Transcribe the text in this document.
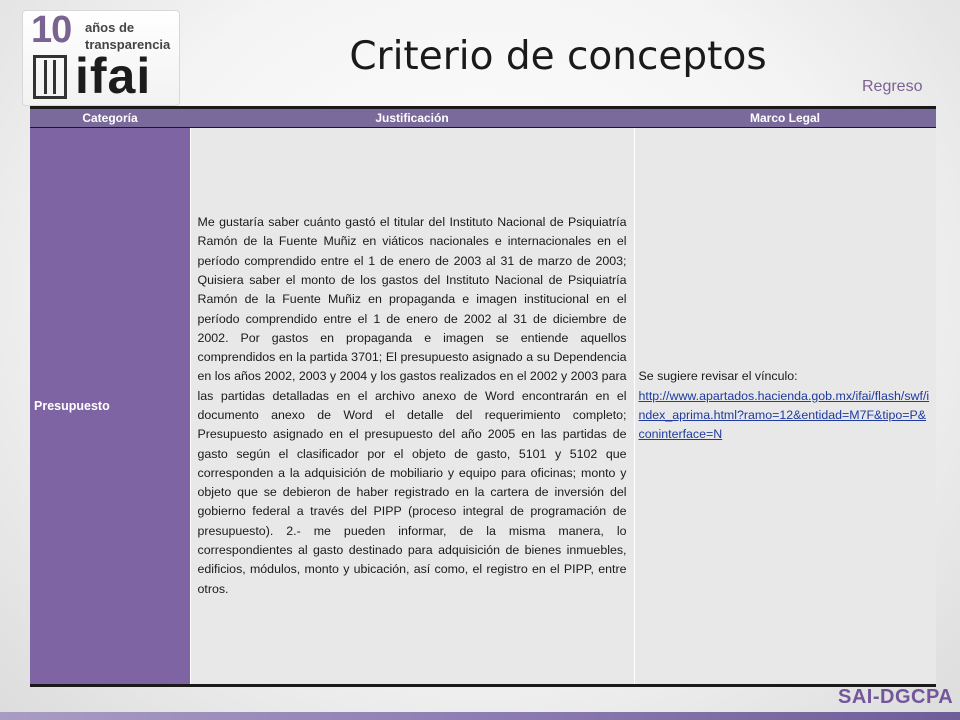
10 años de
transparencia
ifai	Criterio de conceptos
Regreso
Categoría	Justificación	Marco Legal
Presupuesto	Me gustaría saber cuánto gastó el titular del Instituto Nacional de Psiquiatría Ramón de la Fuente Muñiz en viáticos nacionales e internacionales en el período comprendido entre el 1 de enero de 2003 al 31 de marzo de 2003; Quisiera saber el monto de los gastos del Instituto Nacional de Psiquiatría Ramón de la Fuente Muñiz en propaganda e imagen institucional en el período comprendido entre el 1 de enero de 2002 al 31 de diciembre de 2002. Por gastos en propaganda e imagen se entiende aquellos comprendidos en la partida 3701; El presupuesto asignado a su Dependencia en los años 2002, 2003 y 2004 y los gastos realizados en el 2002 y 2003 para las partidas detalladas en el archivo anexo de Word encontrarán en el documento anexo de Word el detalle del requerimiento completo; Presupuesto asignado en el presupuesto del año 2005 en las partidas de gasto según el clasificador por el objeto de gasto, 5101 y 5102 que corresponden a la adquisición de mobiliario y equipo para oficinas; monto y objeto que se debieron de haber registrado en la cartera de inversión del gobierno federal a través del PIPP (proceso integral de programación de presupuesto). 2.- me pueden informar, de la misma manera, lo correspondientes al gasto destinado para adquisición de bienes inmuebles, edificios, módulos, monto y ubicación, así como, el registro en el PIPP, entre otros.	Se sugiere revisar el vínculo:
http://www.apartados.hacienda.gob.mx/ifai/flash/swf/index_aprima.html?ramo=12&entidad=M7F&tipo=P&coninterface=N
SAI-DGCPA
